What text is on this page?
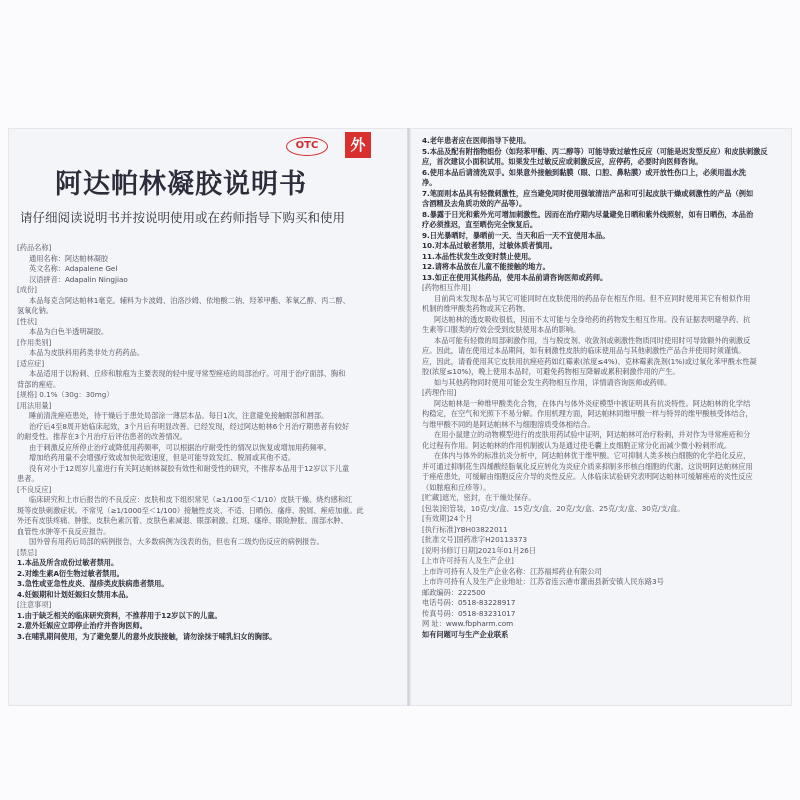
OTC	外
阿达帕林凝胶说明书
请仔细阅读说明书并按说明使用或在药师指导下购买和使用
[药品名称]
通用名称：阿达帕林凝胶
英文名称：Adapalene Gel
汉语拼音：Adapalin Ningjiao
[成份]
本品每克含阿达帕林1毫克。辅料为卡波姆、泊洛沙姆、依地酸二钠、羟苯甲酯、苯氧乙醇、丙二醇、
氢氧化钠。
[性状]
本品为白色半透明凝胶。
[作用类别]
本品为皮肤科用药类非处方药药品。
[适应症]
本品适用于以粉刺、丘疹和脓疱为主要表现的轻中度寻常型痤疮的局部治疗。可用于治疗面部、胸和
背部的痤疮。
[规格] 0.1%（30g：30mg）
[用法用量]
睡前清洗痤疮患处，待干燥后于患处局部涂一薄层本品。每日1次，注意避免接触眼部和唇部。
治疗后4至8周开始临床起效，3个月后有明显改善。已经发现，经过阿达帕林6个月治疗期患者有较好
的耐受性。推荐在3个月治疗后评估患者的改善情况。
由于刺激反应所停止治疗或降低用药频率，可以根据治疗耐受性的情况以恢复或增加用药频率。
增加给药用量不会增强疗效或加快起效速度，但是可能导致发红、脱屑或其他不适。
没有对小于12周岁儿童进行有关阿达帕林凝胶有效性和耐受性的研究，不推荐本品用于12岁以下儿童
患者。
[不良反应]
临床研究和上市后报告的不良反应：皮肤和皮下组织常见（≥1/100至＜1/10）皮肤干燥、烧灼感和红
斑等皮肤刺激症状。不常见（≥1/1000至＜1/100）接触性皮炎、不适、日晒伤、瘙痒、脱屑、痤疮加重。此
外还有皮肤疼痛、肿胀、皮肤色素沉着、皮肤色素减退、眼部刺激、红斑、瘙痒、眼睑肿胀、面部水肿、
血管性水肿等不良反应报告。
国外曾有用药后局部的病例报告，大多数病例为浅表的伤，但也有二级灼伤反应的病例报告。
[禁忌]
1.本品及所含成份过敏者禁用。
2.对维生素A衍生物过敏者禁用。
3.急性或亚急性皮炎、湿疹类皮肤病患者禁用。
4.妊娠期和计划妊娠妇女禁用本品。
[注意事项]
1.由于缺乏相关的临床研究资料，不推荐用于12岁以下的儿童。
2.意外妊娠应立即停止治疗并咨询医师。
3.在哺乳期间使用，为了避免婴儿的意外皮肤接触，请勿涂抹于哺乳妇女的胸部。
4.老年患者应在医师指导下使用。
5.本品及配有附指物组份（如羟苯甲酯、丙二醇等）可能导致过敏性反应（可能是迟发型反应）和皮肤刺激反
应，首次建议小面积试用。如果发生过敏反应或刺激反应，应停药，必要时向医师咨询。
6.使用本品后请清洗双手。如果意外接触到黏膜（眼、口腔、鼻粘膜）或开放性伤口上，必须用温水洗
净。
7.笔面则本品具有轻微刺激性，应当避免同时使用强皱清洁产品和可引起皮肤干燥或刺激性的产品（例如
含酒精及去角质功效的产品等）。
8.暴露于日光和紫外光可增加刺激性。因而在治疗期内尽量避免日晒和紫外线照射，如有日晒伤，本品治
疗必须推迟，直至晒伤完全恢复后。
9.日光暴晒时，暴晒前一天、当天和后一天不宜使用本品。
10.对本品过敏者禁用，过敏体质者慎用。
11.本品性状发生改变时禁止使用。
12.请将本品放在儿童不能接触的地方。
13.如正在使用其他药品，使用本品前请咨询医师或药师。
[药物相互作用]
目前尚未发现本品与其它可能同时在皮肤使用的药品存在相互作用。但不应同时使用其它有相似作用
机制的维甲酸类药物或其它药物。
阿达帕林的透皮吸收很低，因而不太可能与全身给药的药物发生相互作用。没有证据表明避孕药、抗
生素等口服类的疗效会受到皮肤使用本品的影响。
本品可能有轻微的局部刺激作用，当与脱皮剂、收敛剂或刺激性物质同时使用时可导致额外的刺激反
应。因此，请在使用过本品期间，如有刺激性皮肤的临床使用品与其他刺激性产品合并使用时须谨慎。
应，因此，请看使用其它皮肤用抗痤疮药如红霉素(浓度≤4%)、克林霉素洗剂(1%)或过氧化苯甲酰水性凝
胶(浓度≤10%)，晚上使用本品时，可避免药物相互降解或累积刺激作用的产生。
如与其他药物同时使用可能会发生药物相互作用，详情请咨询医师或药师。
[药理作用]
阿达帕林是一种维甲酸类化合物，在体内与体外炎症模型中被证明具有抗炎特性。阿达帕林的化学结
构稳定，在空气和光照下不易分解。作用机理方面，阿达帕林同维甲酸一样与特异的维甲酸核受体结合，
与维甲酸不同的是阿达帕林不与细胞溶质受体相结合。
在用小鼠建立的动物模型进行的皮肤用药试验中证明，阿达帕林可治疗粉刺，并对作为寻常痤疮和分
化过程有作用。阿达帕林的作用机制被认为是通过使毛囊上皮细胞正常分化而减少微小粉刺形成。
在体内与体外的标准抗炎分析中，阿达帕林优于维甲酸。它可抑制人类多核白细胞的化学趋化反应，
并可通过抑制花生四烯酸经脂氧化反应转化为炎症介质来抑制多形核白细胞的代谢。这说明阿达帕林应用
于痤疮患处，可缓解由细胞反应介导的炎性反应。人体临床试验研究表明阿达帕林可缓解痤疮的炎性反应
（如脓疱和丘疹等）。
[贮藏]遮光，密封，在干燥处保存。
[包装]铝管装，10克/支/盒、15克/支/盒、20克/支/盒、25克/支/盒、30克/支/盒。
[有效期]24个月
[执行标准]YBH03822011
[批准文号]国药准字H20113373
[说明书修订日期]2021年01月26日
[上市许可持有人及生产企业]
上市许可持有人及生产企业名称：江苏福邦药业有限公司
上市许可持有人及生产企业地址：江苏省连云港市灌南县新安镇人民东路3号
邮政编码：222500
电话号码：0518-83228917
传真号码：0518-83231017
网 址：www.fbpharm.com
如有问题可与生产企业联系
